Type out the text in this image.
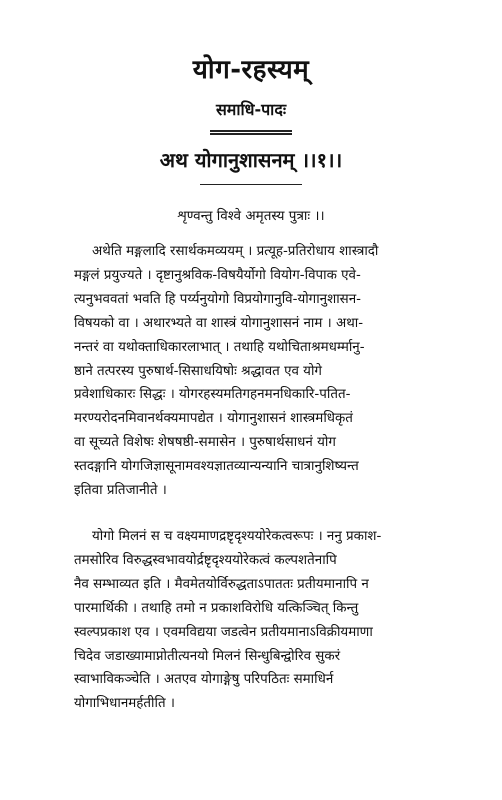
योग-रहस्यम्
समाधि-पादः
अथ योगानुशासनम् ।।१।।
शृण्वन्तु विश्वे अमृतस्य पुत्राः ।।

अथेति मङ्गलादि रसार्थकमव्ययम् । प्रत्यूह-प्रतिरोधाय शास्त्रादौ
मङ्गलं प्रयुज्यते । दृष्टानुश्रविक-विषयैर्योगो वियोग-विपाक एवे-
त्यनुभववतां भवति हि पर्य्यनुयोगो विप्रयोगानुवि-योगानुशासन-
विषयको वा । अथारभ्यते वा शास्त्रं योगानुशासनं नाम । अथा-
नन्तरं वा यथोक्ताधिकारलाभात् । तथाहि यथोचिताश्रमधर्म्मानु-
ष्ठाने तत्परस्य पुरुषार्थ-सिसाधयिषोः श्रद्धावत एव योगे
प्रवेशाधिकारः सिद्धः । योगरहस्यमतिगहनमनधिकारि-पतित-
मरण्यरोदनमिवानर्थक्यमापद्येत । योगानुशासनं शास्त्रमधिकृतं
वा सूच्यते विशेषः शेषषष्ठी-समासेन । पुरुषार्थसाधनं योग
स्तदङ्गानि योगजिज्ञासूनामवश्यज्ञातव्यान्यन्यानि चात्रानुशिष्यन्त
इतिवा प्रतिजानीते ।

योगो मिलनं स च वक्ष्यमाणद्रष्टृदृश्ययोरेकत्वरूपः । ननु प्रकाश-
तमसोरिव विरुद्धस्वभावयोर्द्रष्टृदृश्ययोरेकत्वं कल्पशतेनापि
नैव सम्भाव्यत इति । मैवमेतयोर्विरुद्धताऽपाततः प्रतीयमानापि न
पारमार्थिकी । तथाहि तमो न प्रकाशविरोधि यत्किञ्चित् किन्तु
स्वल्पप्रकाश एव । एवमविद्यया जडत्वेन प्रतीयमानाऽविक्रीयमाणा
चिदेव जडाख्यामाप्नोतीत्यनयो मिलनं सिन्धुबिन्द्वोरिव सुकरं
स्वाभाविकञ्चेति । अतएव योगाङ्गेषु परिपठितः समाधिर्न
योगाभिधानमर्हतीति ।
